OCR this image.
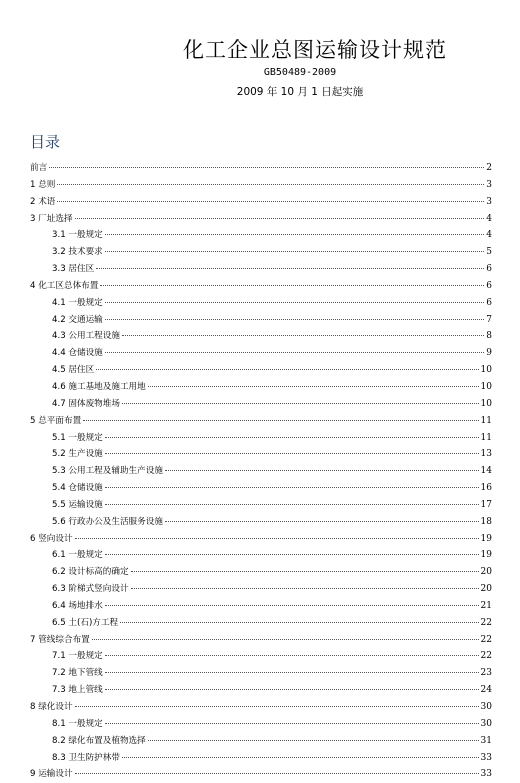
化工企业总图运输设计规范
GB50489-2009
2009 年 10 月 1 日起实施
目录
前言	2
1 总则	3
2 术语	3
3 厂址选择	4
3.1 一般规定	4
3.2 技术要求	5
3.3 居住区	6
4 化工区总体布置	6
4.1 一般规定	6
4.2 交通运输	7
4.3 公用工程设施	8
4.4 仓储设施	9
4.5 居住区	10
4.6 施工基地及施工用地	10
4.7 固体废物堆场	10
5 总平面布置	11
5.1 一般规定	11
5.2 生产设施	13
5.3 公用工程及辅助生产设施	14
5.4 仓储设施	16
5.5 运输设施	17
5.6 行政办公及生活服务设施	18
6 竖向设计	19
6.1 一般规定	19
6.2 设计标高的确定	20
6.3 阶梯式竖向设计	20
6.4 场地排水	21
6.5 土(石)方工程	22
7 管线综合布置	22
7.1 一般规定	22
7.2 地下管线	23
7.3 地上管线	24
8 绿化设计	30
8.1 一般规定	30
8.2 绿化布置及植物选择	31
8.3 卫生防护林带	33
9 运输设计	33
